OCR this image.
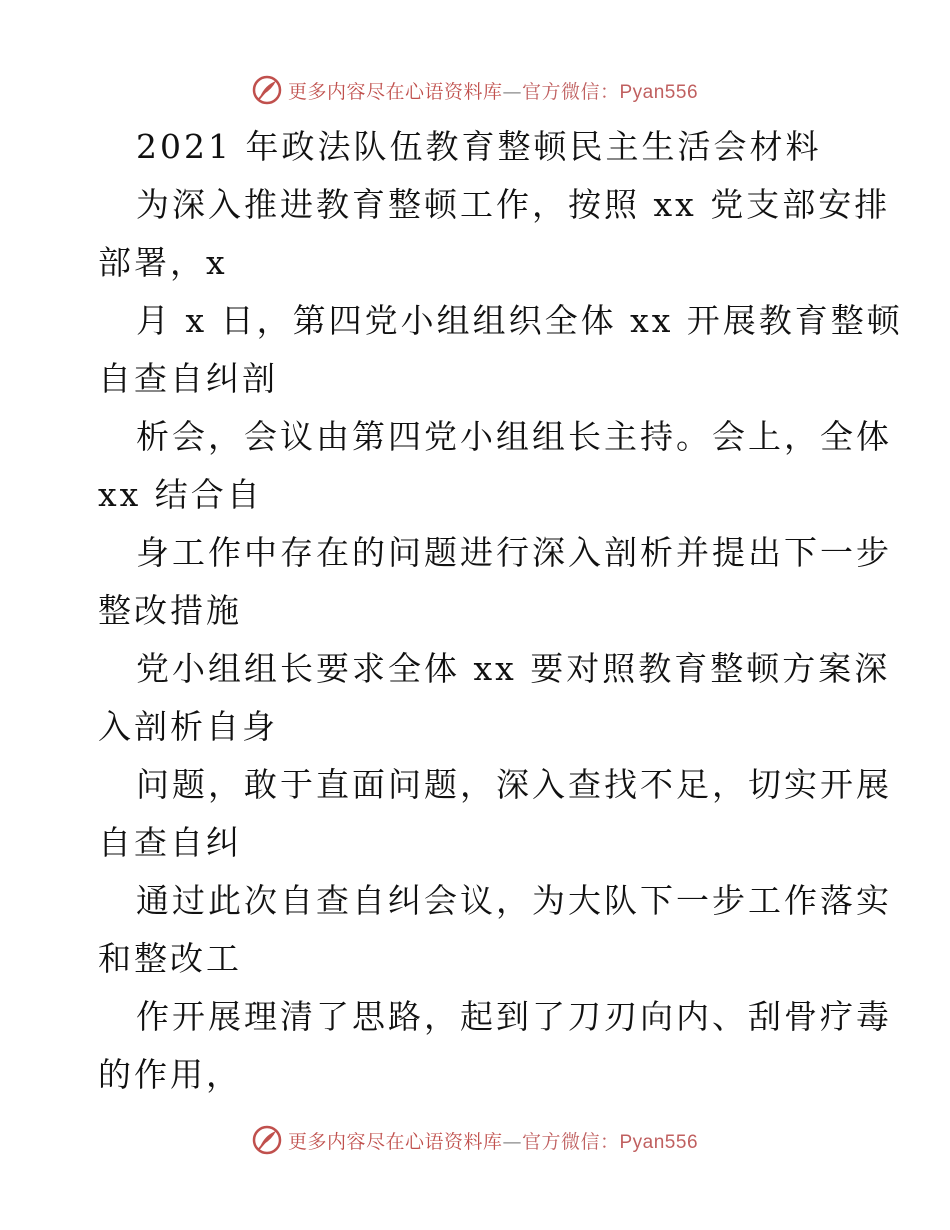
更多内容尽在心语资料库—官方微信：Pyan556
2021 年政法队伍教育整顿民主生活会材料
为深入推进教育整顿工作，按照 xx 党支部安排
部署，x
月 x 日，第四党小组组织全体 xx 开展教育整顿
自查自纠剖
析会，会议由第四党小组组长主持。会上，全体
xx 结合自
身工作中存在的问题进行深入剖析并提出下一步
整改措施
党小组组长要求全体 xx 要对照教育整顿方案深
入剖析自身
问题，敢于直面问题，深入查找不足，切实开展
自查自纠
通过此次自查自纠会议，为大队下一步工作落实
和整改工
作开展理清了思路，起到了刀刃向内、刮骨疗毒
的作用，
更多内容尽在心语资料库—官方微信：Pyan556
